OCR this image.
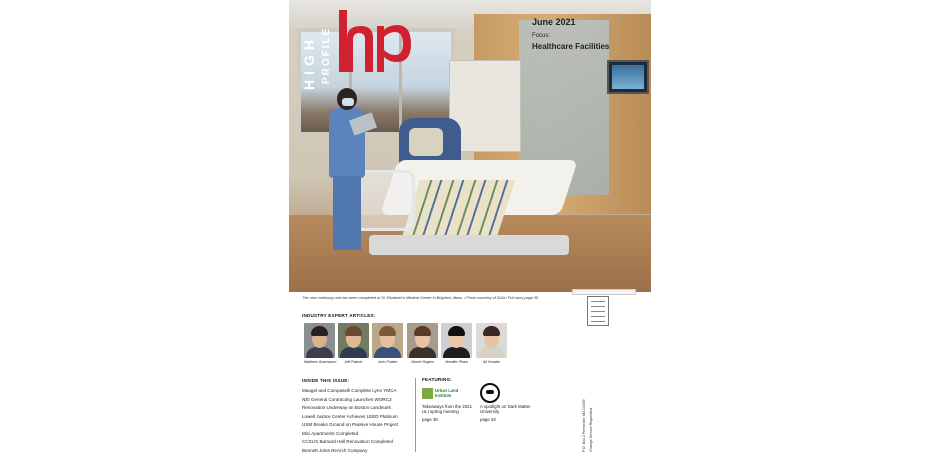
HIGH PROFILE
June 2021
Focus:
Healthcare Facilities
The new med/surg unit has been completed at St. Elizabeth's Medical Center in Brighton, Mass. / Photo courtesy of SGA / Full story page 35
INDUSTRY EXPERT ARTICLES:
Matthew Guarracino	Jeff Palmer	John Fowler	Nicole Rogers	Jennifer Pham	Ali Horwitz
INSIDE THIS ISSUE:
Maugel and Compaselli Complete Lynn YMCA
NEI General Contracting Launches WORC2
Renovation Underway on Boston Landmark
Lowell Justice Center Achieves LEED Platinum
USM Breaks Ground on Passive House Project
Mici Apartments Completed
CCSU's Barnard Hall Renovation Completed
Bennett Joins ReArch Company
FEATURING:
Urban Land Institute
Takeaways from the 2021 ULI spring meeting
page 30
A spotlight on Dark Matter University
page 33	P.O. Box 2 Pembroke, MA 02359 Change Service Requested
